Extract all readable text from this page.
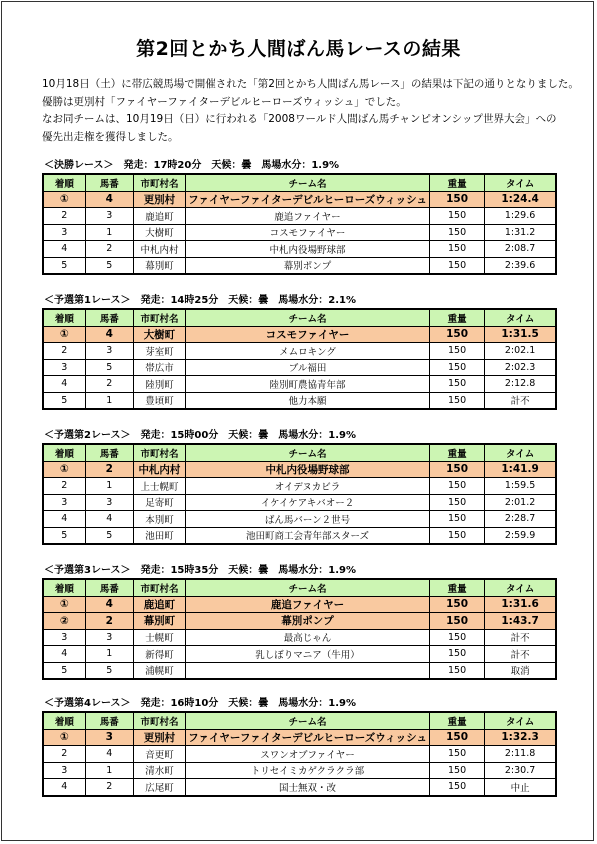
第2回とかち人間ばん馬レースの結果
10月18日（土）に帯広競馬場で開催された「第2回とかち人間ばん馬レース」の結果は下記の通りとなりました。
優勝は更別村「ファイヤーファイターデビルヒーローズウィッシュ」でした。
なお同チームは、10月19日（日）に行われる「2008ワールド人間ばん馬チャンピオンシップ世界大会」への
優先出走権を獲得しました。
＜決勝レース＞　発走：17時20分　天候：曇　馬場水分：1.9%
着順	馬番	市町村名	チーム名	重量	タイム
①	4	更別村	ファイヤーファイターデビルヒーローズウィッシュ	150	1:24.4
2	3	鹿追町	鹿追ファイヤー	150	1:29.6
3	1	大樹町	コスモファイヤー	150	1:31.2
4	2	中札内村	中札内役場野球部	150	2:08.7
5	5	幕別町	幕別ポンプ	150	2:39.6
＜予選第1レース＞　発走：14時25分　天候：曇　馬場水分：2.1%
着順	馬番	市町村名	チーム名	重量	タイム
①	4	大樹町	コスモファイヤー	150	1:31.5
2	3	芽室町	メムロキング	150	2:02.1
3	5	帯広市	ブル福田	150	2:02.3
4	2	陸別町	陸別町農協青年部	150	2:12.8
5	1	豊頃町	他力本願	150	計不
＜予選第2レース＞　発走：15時00分　天候：曇　馬場水分：1.9%
着順	馬番	市町村名	チーム名	重量	タイム
①	2	中札内村	中札内役場野球部	150	1:41.9
2	1	上士幌町	オイデヌカビラ	150	1:59.5
3	3	足寄町	イケイケアキバオー２	150	2:01.2
4	4	本別町	ばん馬バーン２世号	150	2:28.7
5	5	池田町	池田町商工会青年部スターズ	150	2:59.9
＜予選第3レース＞　発走：15時35分　天候：曇　馬場水分：1.9%
着順	馬番	市町村名	チーム名	重量	タイム
①	4	鹿追町	鹿追ファイヤー	150	1:31.6
②	2	幕別町	幕別ポンプ	150	1:43.7
3	3	士幌町	最高じゃん	150	計不
4	1	新得町	乳しぼりマニア（牛用）	150	計不
5	5	浦幌町		150	取消
＜予選第4レース＞　発走：16時10分　天候：曇　馬場水分：1.9%
着順	馬番	市町村名	チーム名	重量	タイム
①	3	更別村	ファイヤーファイターデビルヒーローズウィッシュ	150	1:32.3
2	4	音更町	スワンオブファイヤー	150	2:11.8
3	1	清水町	トリセイミカゲクラクラ部	150	2:30.7
4	2	広尾町	国士無双・改	150	中止
